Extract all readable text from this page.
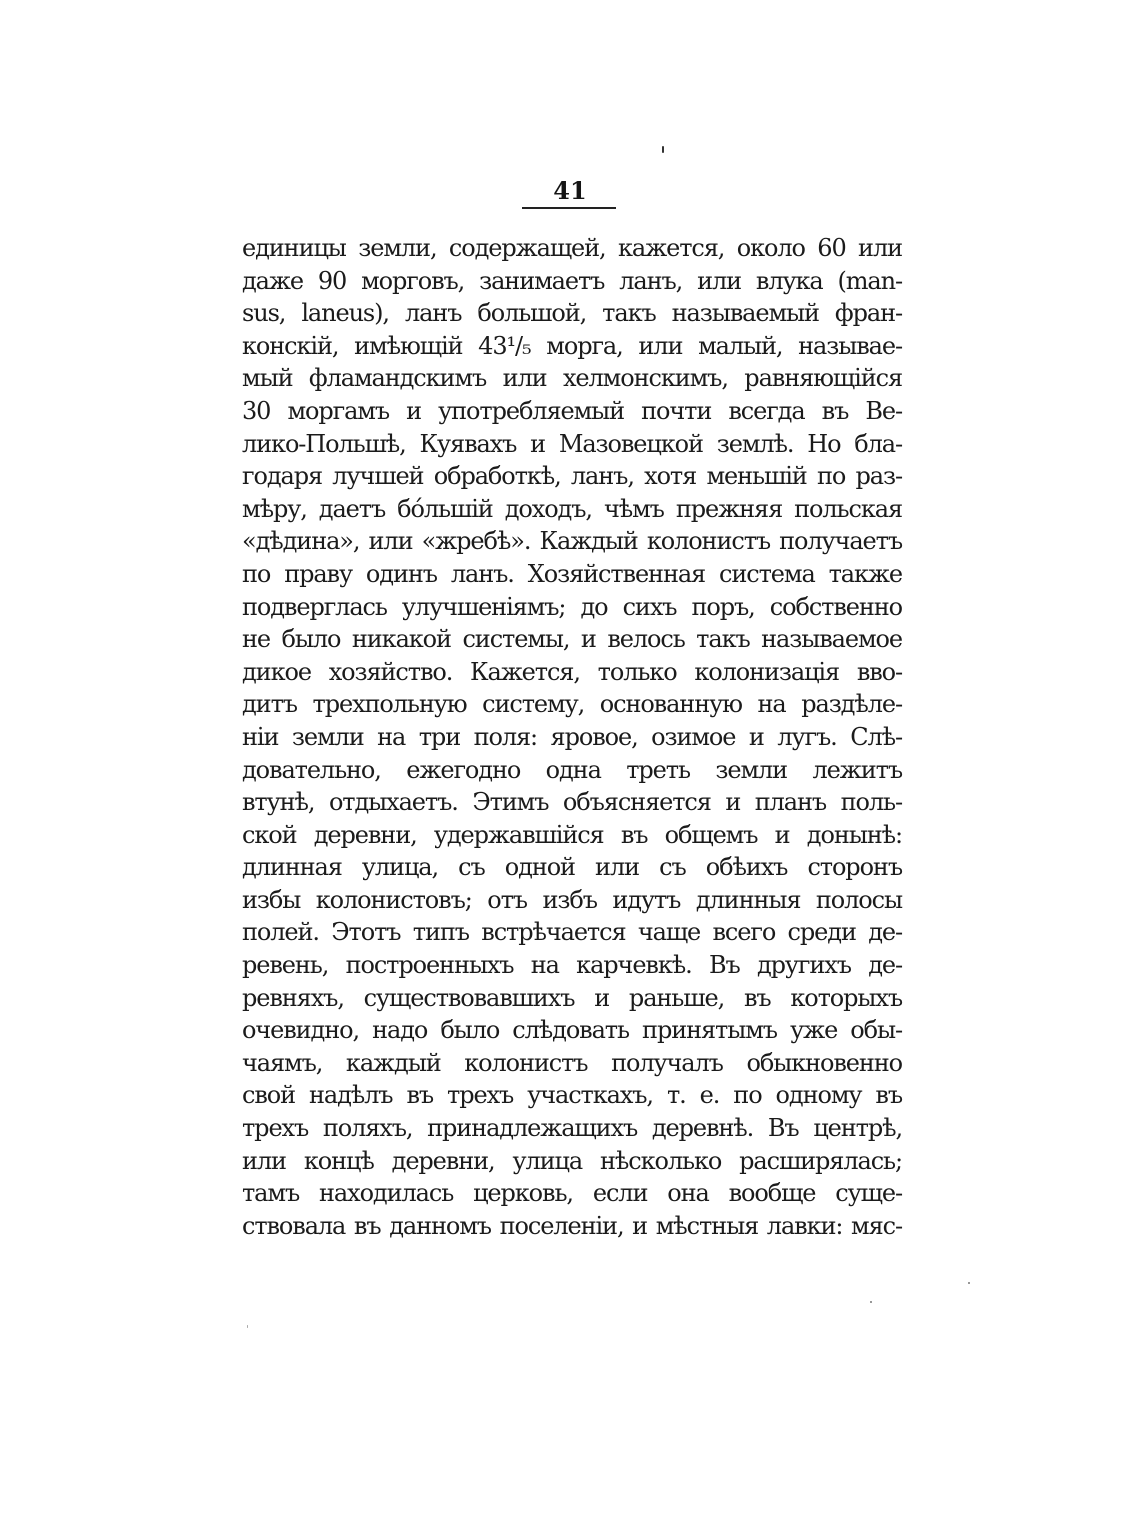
41
единицы земли, содержащей, кажется, около 60 или
даже 90 морговъ, занимаетъ ланъ, или влука (man-
sus, laneus), ланъ большой, такъ называемый фран-
конскій, имѣющій 43¹/₅ морга, или малый, называе-
мый фламандскимъ или хелмонскимъ, равняющійся
30 моргамъ и употребляемый почти всегда въ Ве-
лико-Польшѣ, Куявахъ и Мазовецкой землѣ. Но бла-
годаря лучшей обработкѣ, ланъ, хотя меньшій по раз-
мѣру, даетъ бóльшій доходъ, чѣмъ прежняя польская
«дѣдина», или «жребѣ». Каждый колонистъ получаетъ
по праву одинъ ланъ. Хозяйственная система также
подверглась улучшеніямъ; до сихъ поръ, собственно
не было никакой системы, и велось такъ называемое
дикое хозяйство. Кажется, только колонизація вво-
дитъ трехпольную систему, основанную на раздѣле-
ніи земли на три поля: яровое, озимое и лугъ. Слѣ-
довательно, ежегодно одна треть земли лежитъ
втунѣ, отдыхаетъ. Этимъ объясняется и планъ поль-
ской деревни, удержавшійся въ общемъ и донынѣ:
длинная улица, съ одной или съ обѣихъ сторонъ
избы колонистовъ; отъ избъ идутъ длинныя полосы
полей. Этотъ типъ встрѣчается чаще всего среди де-
ревень, построенныхъ на карчевкѣ. Въ другихъ де-
ревняхъ, существовавшихъ и раньше, въ которыхъ
очевидно, надо было слѣдовать принятымъ уже обы-
чаямъ, каждый колонистъ получалъ обыкновенно
свой надѣлъ въ трехъ участкахъ, т. е. по одному въ
трехъ поляхъ, принадлежащихъ деревнѣ. Въ центрѣ,
или концѣ деревни, улица нѣсколько расширялась;
тамъ находилась церковь, если она вообще суще-
ствовала въ данномъ поселеніи, и мѣстныя лавки: мяс-
